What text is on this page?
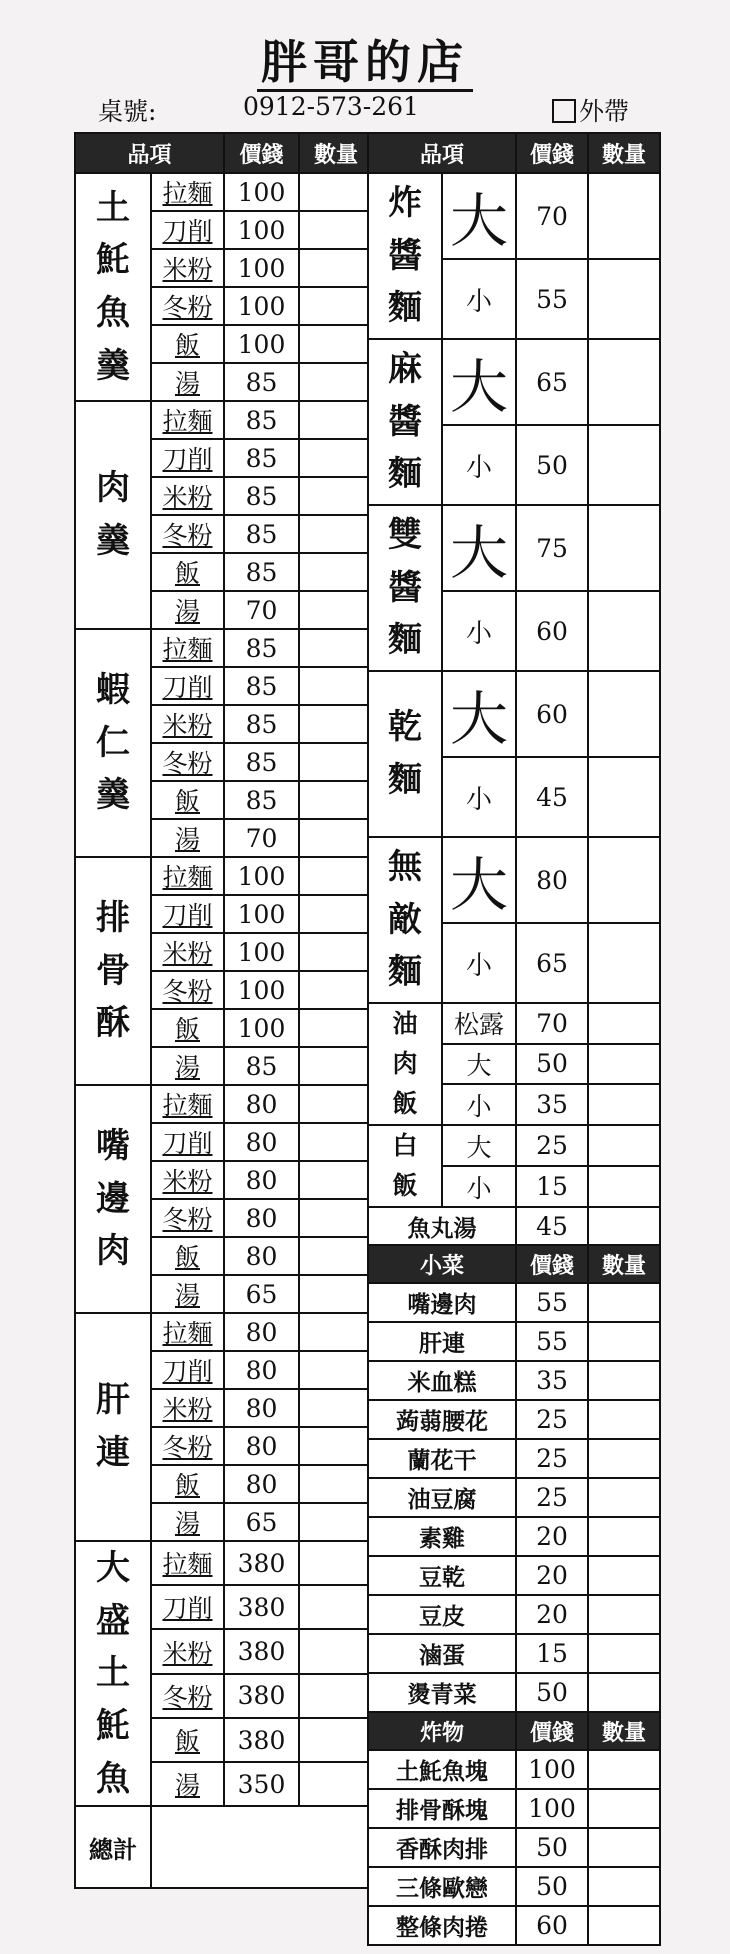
胖哥的店
桌號:	0912-573-261	外帶
品項		價錢	數量

土魠魚羹	拉麵	100	
	刀削	100	
	米粉	100	
	冬粉	100	
	飯	100	
	湯	85	

肉羹	拉麵	85	
	刀削	85	
	米粉	85	
	冬粉	85	
	飯	85	
	湯	70	

蝦仁羹	拉麵	85	
	刀削	85	
	米粉	85	
	冬粉	85	
	飯	85	
	湯	70	

排骨酥	拉麵	100	
	刀削	100	
	米粉	100	
	冬粉	100	
	飯	100	
	湯	85	

嘴邊肉	拉麵	80	
	刀削	80	
	米粉	80	
	冬粉	80	
	飯	80	
	湯	65	

肝連	拉麵	80	
	刀削	80	
	米粉	80	
	冬粉	80	
	飯	80	
	湯	65	

大盛土魠魚	拉麵	380	
	刀削	380	
	米粉	380	
	冬粉	380	
	飯	380	
	湯	350	
總計			
品項		價錢	數量

炸醬麵	大	70	
	小	55	

麻醬麵	大	65	
	小	50	

雙醬麵	大	75	
	小	60	

乾麵	大	60	
	小	45	

無敵麵	大	80	
	小	65	

油肉飯	松露	70	
	大	50	
	小	35	

白飯	大	25	
	小	15	
魚丸湯		45	
小菜		價錢	數量
嘴邊肉		55	
肝連		55	
米血糕		35	
蒟蒻腰花		25	
蘭花干		25	
油豆腐		25	
素雞		20	
豆乾		20	
豆皮		20	
滷蛋		15	
燙青菜		50	
炸物		價錢	數量
土魠魚塊		100	
排骨酥塊		100	
香酥肉排		50	
三條歐戀		50	
整條肉捲		60	
